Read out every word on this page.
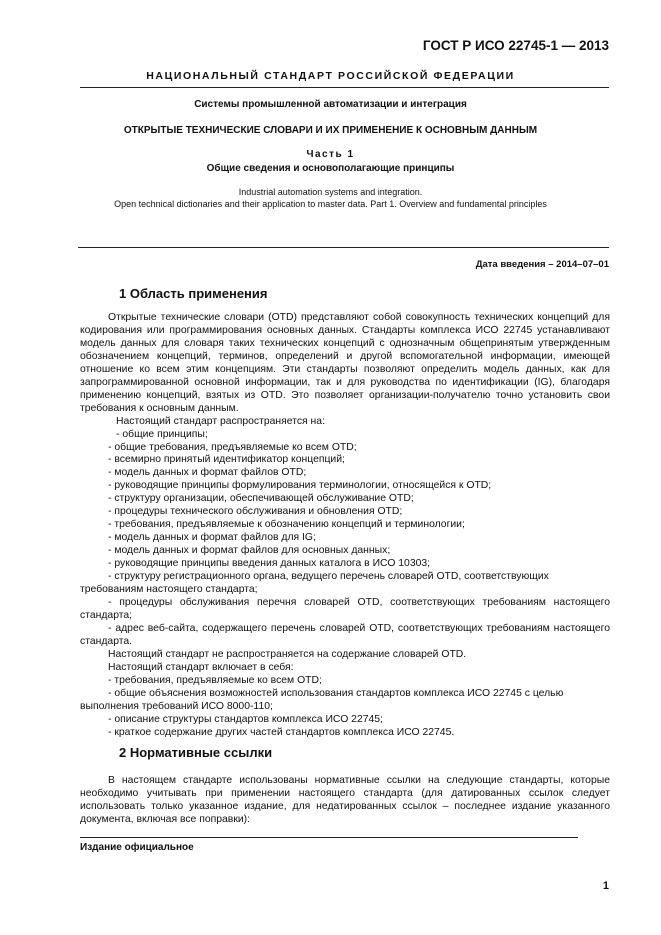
ГОСТ Р ИСО 22745-1 — 2013
НАЦИОНАЛЬНЫЙ СТАНДАРТ РОССИЙСКОЙ ФЕДЕРАЦИИ
Системы промышленной автоматизации и интеграция
ОТКРЫТЫЕ ТЕХНИЧЕСКИЕ СЛОВАРИ И ИХ ПРИМЕНЕНИЕ К ОСНОВНЫМ ДАННЫМ
Часть 1
Общие сведения и основополагающие принципы
Industrial automation systems and integration.
Open technical dictionaries and their application to master data. Part 1. Overview and fundamental principles
Дата введения – 2014–07–01
1 Область применения

Открытые технические словари (OTD) представляют собой совокупность технических концепций для кодирования или программирования основных данных. Стандарты комплекса ИСО 22745 устанавливают модель данных для словаря таких технических концепций с однозначным общепринятым утвержденным обозначением концепций, терминов, определений и другой вспомогательной информации, имеющей отношение ко всем этим концепциям. Эти стандарты позволяют определить модель данных, как для запрограммированной основной информации, так и для руководства по идентификации (IG), благодаря применению концепций, взятых из OTD. Это позволяет организации-получателю точно установить свои требования к основным данным.

Настоящий стандарт распространяется на:

- общие принципы;

- общие требования, предъявляемые ко всем OTD;

- всемирно принятый идентификатор концепций;

- модель данных и формат файлов OTD;

- руководящие принципы формулирования терминологии, относящейся к OTD;

- структуру организации, обеспечивающей обслуживание OTD;

- процедуры технического обслуживания и обновления OTD;

- требования, предъявляемые к обозначению концепций и терминологии;

- модель данных и формат файлов для IG;

- модель данных и формат файлов для основных данных;

- руководящие принципы введения данных каталога в ИСО 10303;

- структуру регистрационного органа, ведущего перечень словарей OTD, соответствующих требованиям настоящего стандарта;

- процедуры обслуживания перечня словарей OTD, соответствующих требованиям настоящего стандарта;

- адрес веб-сайта, содержащего перечень словарей OTD, соответствующих требованиям настоящего стандарта.

Настоящий стандарт не распространяется на содержание словарей OTD.

Настоящий стандарт включает в себя:

- требования, предъявляемые ко всем OTD;

- общие объяснения возможностей использования стандартов комплекса ИСО 22745 с целью выполнения требований ИСО 8000-110;

- описание структуры стандартов комплекса ИСО 22745;

- краткое содержание других частей стандартов комплекса ИСО 22745.

2 Нормативные ссылки

В настоящем стандарте использованы нормативные ссылки на следующие стандарты, которые необходимо учитывать при применении настоящего стандарта (для датированных ссылок следует использовать только указанное издание, для недатированных ссылок – последнее издание указанного документа, включая все поправки):

Издание официальное
1
